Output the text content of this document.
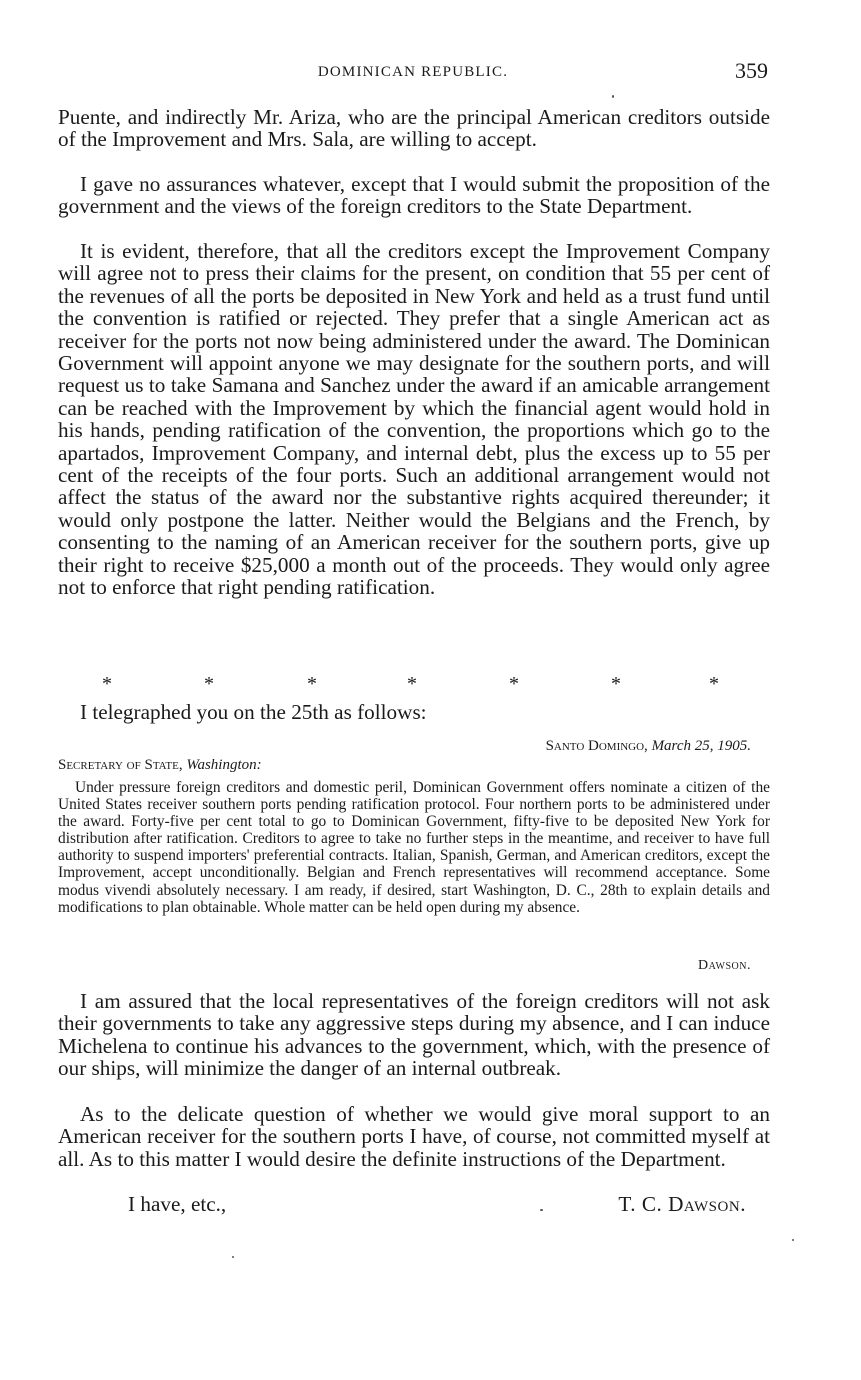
DOMINICAN REPUBLIC.	359

Puente, and indirectly Mr. Ariza, who are the principal American creditors outside of the Improvement and Mrs. Sala, are willing to accept.

I gave no assurances whatever, except that I would submit the proposition of the government and the views of the foreign creditors to the State Department.

It is evident, therefore, that all the creditors except the Improvement Company will agree not to press their claims for the present, on condition that 55 per cent of the revenues of all the ports be deposited in New York and held as a trust fund until the convention is ratified or rejected. They prefer that a single American act as receiver for the ports not now being administered under the award. The Dominican Government will appoint anyone we may designate for the southern ports, and will request us to take Samana and Sanchez under the award if an amicable arrangement can be reached with the Improvement by which the financial agent would hold in his hands, pending ratification of the convention, the proportions which go to the apartados, Improvement Company, and internal debt, plus the excess up to 55 per cent of the receipts of the four ports. Such an additional arrangement would not affect the status of the award nor the substantive rights acquired thereunder; it would only postpone the latter. Neither would the Belgians and the French, by consenting to the naming of an American receiver for the southern ports, give up their right to receive $25,000 a month out of the proceeds. They would only agree not to enforce that right pending ratification.

*	*	*	*	*	*	*
I telegraphed you on the 25th as follows:
Santo Domingo, March 25, 1905.
Secretary of State, Washington:

Under pressure foreign creditors and domestic peril, Dominican Government offers nominate a citizen of the United States receiver southern ports pending ratification protocol. Four northern ports to be administered under the award. Forty-five per cent total to go to Dominican Government, fifty-five to be deposited New York for distribution after ratification. Creditors to agree to take no further steps in the meantime, and receiver to have full authority to suspend importers' preferential contracts. Italian, Spanish, German, and American creditors, except the Improvement, accept unconditionally. Belgian and French representatives will recommend acceptance. Some modus vivendi absolutely necessary. I am ready, if desired, start Washington, D. C., 28th to explain details and modifications to plan obtainable. Whole matter can be held open during my absence.

Dawson.

I am assured that the local representatives of the foreign creditors will not ask their governments to take any aggressive steps during my absence, and I can induce Michelena to continue his advances to the government, which, with the presence of our ships, will minimize the danger of an internal outbreak.

As to the delicate question of whether we would give moral support to an American receiver for the southern ports I have, of course, not committed myself at all. As to this matter I would desire the definite instructions of the Department.

I have, etc.,	T. C. Dawson.
